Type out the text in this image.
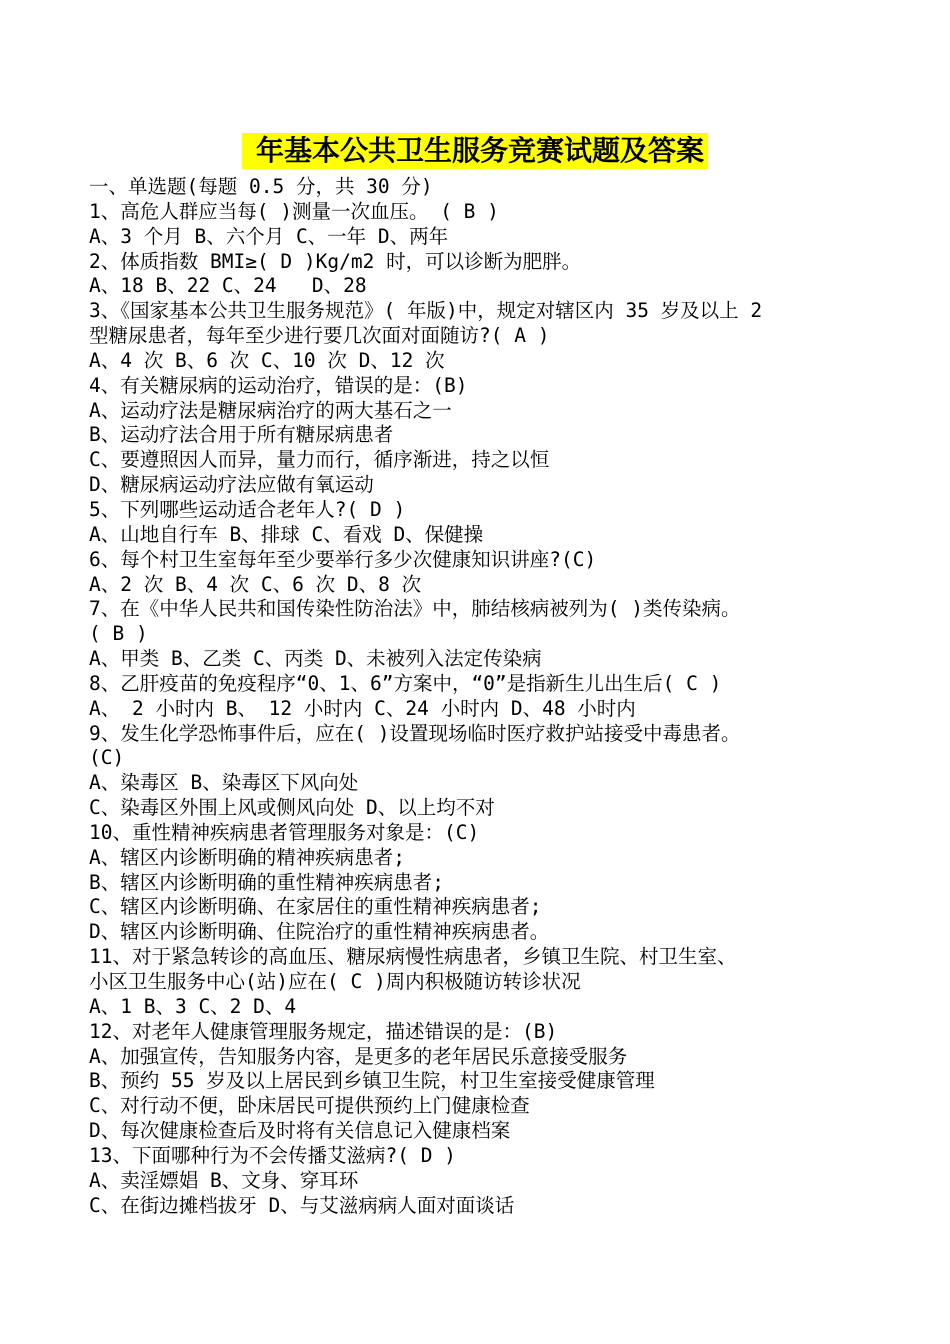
年基本公共卫生服务竞赛试题及答案
一、单选题(每题 0.5 分，共 30 分)
1、高危人群应当每( )测量一次血压。 ( B )
A、3 个月 B、六个月 C、一年 D、两年
2、体质指数 BMI≥( D )Kg/m2 时，可以诊断为肥胖。
A、18 B、22 C、24   D、28
3、《国家基本公共卫生服务规范》( 年版)中，规定对辖区内 35 岁及以上 2
型糖尿患者，每年至少进行要几次面对面随访?( A )
A、4 次 B、6 次 C、10 次 D、12 次
4、有关糖尿病的运动治疗，错误的是：(B)
A、运动疗法是糖尿病治疗的两大基石之一
B、运动疗法合用于所有糖尿病患者
C、要遵照因人而异，量力而行，循序渐进，持之以恒
D、糖尿病运动疗法应做有氧运动
5、下列哪些运动适合老年人?( D )
A、山地自行车 B、排球 C、看戏 D、保健操
6、每个村卫生室每年至少要举行多少次健康知识讲座?(C)
A、2 次 B、4 次 C、6 次 D、8 次
7、在《中华人民共和国传染性防治法》中，肺结核病被列为( )类传染病。
( B )
A、甲类 B、乙类 C、丙类 D、未被列入法定传染病
8、乙肝疫苗的免疫程序“0、1、6”方案中，“0”是指新生儿出生后( C )
A、 2 小时内 B、 12 小时内 C、24 小时内 D、48 小时内
9、发生化学恐怖事件后，应在( )设置现场临时医疗救护站接受中毒患者。
(C)
A、染毒区 B、染毒区下风向处
C、染毒区外围上风或侧风向处 D、以上均不对
10、重性精神疾病患者管理服务对象是：(C)
A、辖区内诊断明确的精神疾病患者;
B、辖区内诊断明确的重性精神疾病患者;
C、辖区内诊断明确、在家居住的重性精神疾病患者;
D、辖区内诊断明确、住院治疗的重性精神疾病患者。
11、对于紧急转诊的高血压、糖尿病慢性病患者，乡镇卫生院、村卫生室、
小区卫生服务中心(站)应在( C )周内积极随访转诊状况
A、1 B、3 C、2 D、4
12、对老年人健康管理服务规定，描述错误的是：(B)
A、加强宣传，告知服务内容，是更多的老年居民乐意接受服务
B、预约 55 岁及以上居民到乡镇卫生院，村卫生室接受健康管理
C、对行动不便，卧床居民可提供预约上门健康检查
D、每次健康检查后及时将有关信息记入健康档案
13、下面哪种行为不会传播艾滋病?( D )
A、卖淫嫖娼 B、文身、穿耳环
C、在街边摊档拔牙 D、与艾滋病病人面对面谈话
